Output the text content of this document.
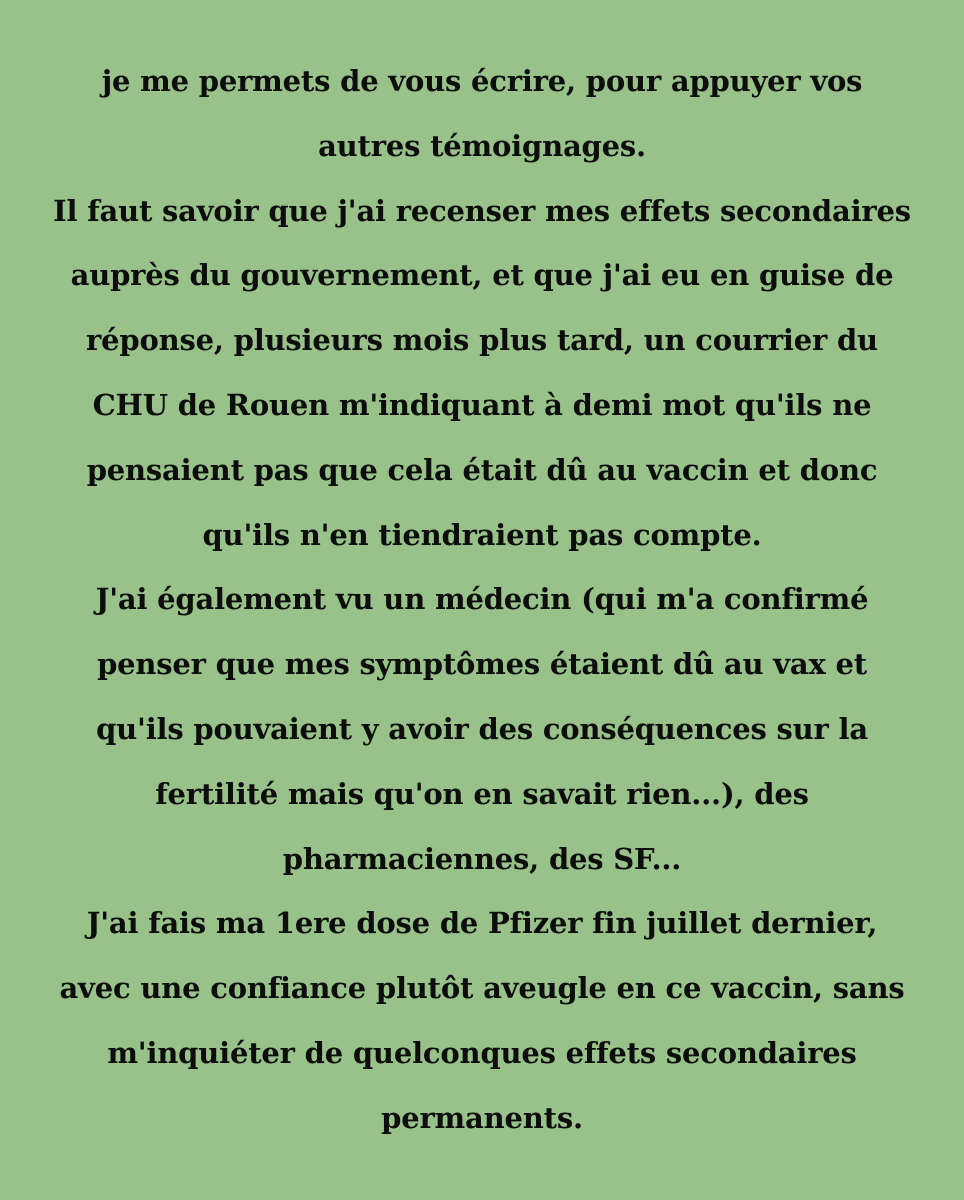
je me permets de vous écrire, pour appuyer vos
autres témoignages.
Il faut savoir que j'ai recenser mes effets secondaires
auprès du gouvernement, et que j'ai eu en guise de
réponse, plusieurs mois plus tard, un courrier du
CHU de Rouen m'indiquant à demi mot qu'ils ne
pensaient pas que cela était dû au vaccin et donc
qu'ils n'en tiendraient pas compte.
J'ai également vu un médecin (qui m'a confirmé
penser que mes symptômes étaient dû au vax et
qu'ils pouvaient y avoir des conséquences sur la
fertilité mais qu'on en savait rien...), des
pharmaciennes, des SF...
J'ai fais ma 1ere dose de Pfizer fin juillet dernier,
avec une confiance plutôt aveugle en ce vaccin, sans
m'inquiéter de quelconques effets secondaires
permanents.
